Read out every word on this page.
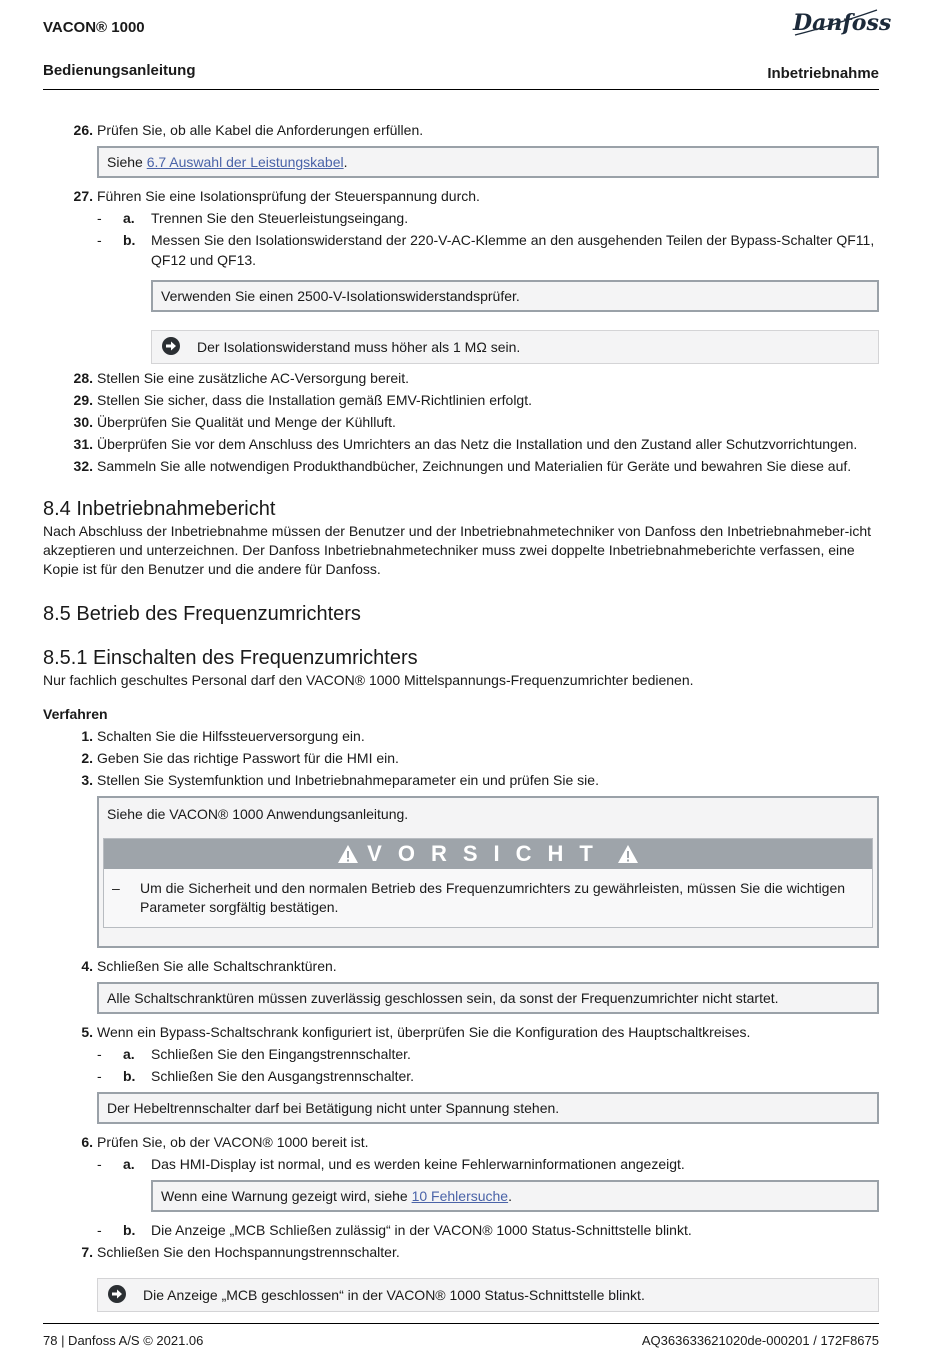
VACON® 1000
Bedienungsanleitung	Inbetriebnahme
Danfoss
26. Prüfen Sie, ob alle Kabel die Anforderungen erfüllen.
Siehe 6.7 Auswahl der Leistungskabel.
27. Führen Sie eine Isolationsprüfung der Steuerspannung durch.
- a. Trennen Sie den Steuerleistungseingang.
- b. Messen Sie den Isolationswiderstand der 220-V-AC-Klemme an den ausgehenden Teilen der Bypass-Schalter QF11, QF12 und QF13.
Verwenden Sie einen 2500-V-Isolationswiderstandsprüfer.
Der Isolationswiderstand muss höher als 1 MΩ sein.
28. Stellen Sie eine zusätzliche AC-Versorgung bereit.
29. Stellen Sie sicher, dass die Installation gemäß EMV-Richtlinien erfolgt.
30. Überprüfen Sie Qualität und Menge der Kühlluft.
31. Überprüfen Sie vor dem Anschluss des Umrichters an das Netz die Installation und den Zustand aller Schutzvorrichtungen.
32. Sammeln Sie alle notwendigen Produkthandbücher, Zeichnungen und Materialien für Geräte und bewahren Sie diese auf.
8.4 Inbetriebnahmebericht

Nach Abschluss der Inbetriebnahme müssen der Benutzer und der Inbetriebnahmetechniker von Danfoss den Inbetriebnahmeber-icht akzeptieren und unterzeichnen. Der Danfoss Inbetriebnahmetechniker muss zwei doppelte Inbetriebnahmeberichte verfassen, eine Kopie ist für den Benutzer und die andere für Danfoss.

8.5 Betrieb des Frequenzumrichters
8.5.1 Einschalten des Frequenzumrichters

Nur fachlich geschultes Personal darf den VACON® 1000 Mittelspannungs-Frequenzumrichter bedienen.

Verfahren
1. Schalten Sie die Hilfssteuerversorgung ein.
2. Geben Sie das richtige Passwort für die HMI ein.
3. Stellen Sie Systemfunktion und Inbetriebnahmeparameter ein und prüfen Sie sie.
Siehe die VACON® 1000 Anwendungsanleitung.
VORSICHT
– Um die Sicherheit und den normalen Betrieb des Frequenzumrichters zu gewährleisten, müssen Sie die wichtigen Parameter sorgfältig bestätigen.
4. Schließen Sie alle Schaltschranktüren.
Alle Schaltschranktüren müssen zuverlässig geschlossen sein, da sonst der Frequenzumrichter nicht startet.
5. Wenn ein Bypass-Schaltschrank konfiguriert ist, überprüfen Sie die Konfiguration des Hauptschaltkreises.
- a. Schließen Sie den Eingangstrennschalter.
- b. Schließen Sie den Ausgangstrennschalter.
Der Hebeltrennschalter darf bei Betätigung nicht unter Spannung stehen.
6. Prüfen Sie, ob der VACON® 1000 bereit ist.
- a. Das HMI-Display ist normal, und es werden keine Fehlerwarninformationen angezeigt.
Wenn eine Warnung gezeigt wird, siehe 10 Fehlersuche.
- b. Die Anzeige „MCB Schließen zulässig“ in der VACON® 1000 Status-Schnittstelle blinkt.
7. Schließen Sie den Hochspannungstrennschalter.
Die Anzeige „MCB geschlossen“ in der VACON® 1000 Status-Schnittstelle blinkt.
78 | Danfoss A/S © 2021.06	AQ363633621020de-000201 / 172F8675
